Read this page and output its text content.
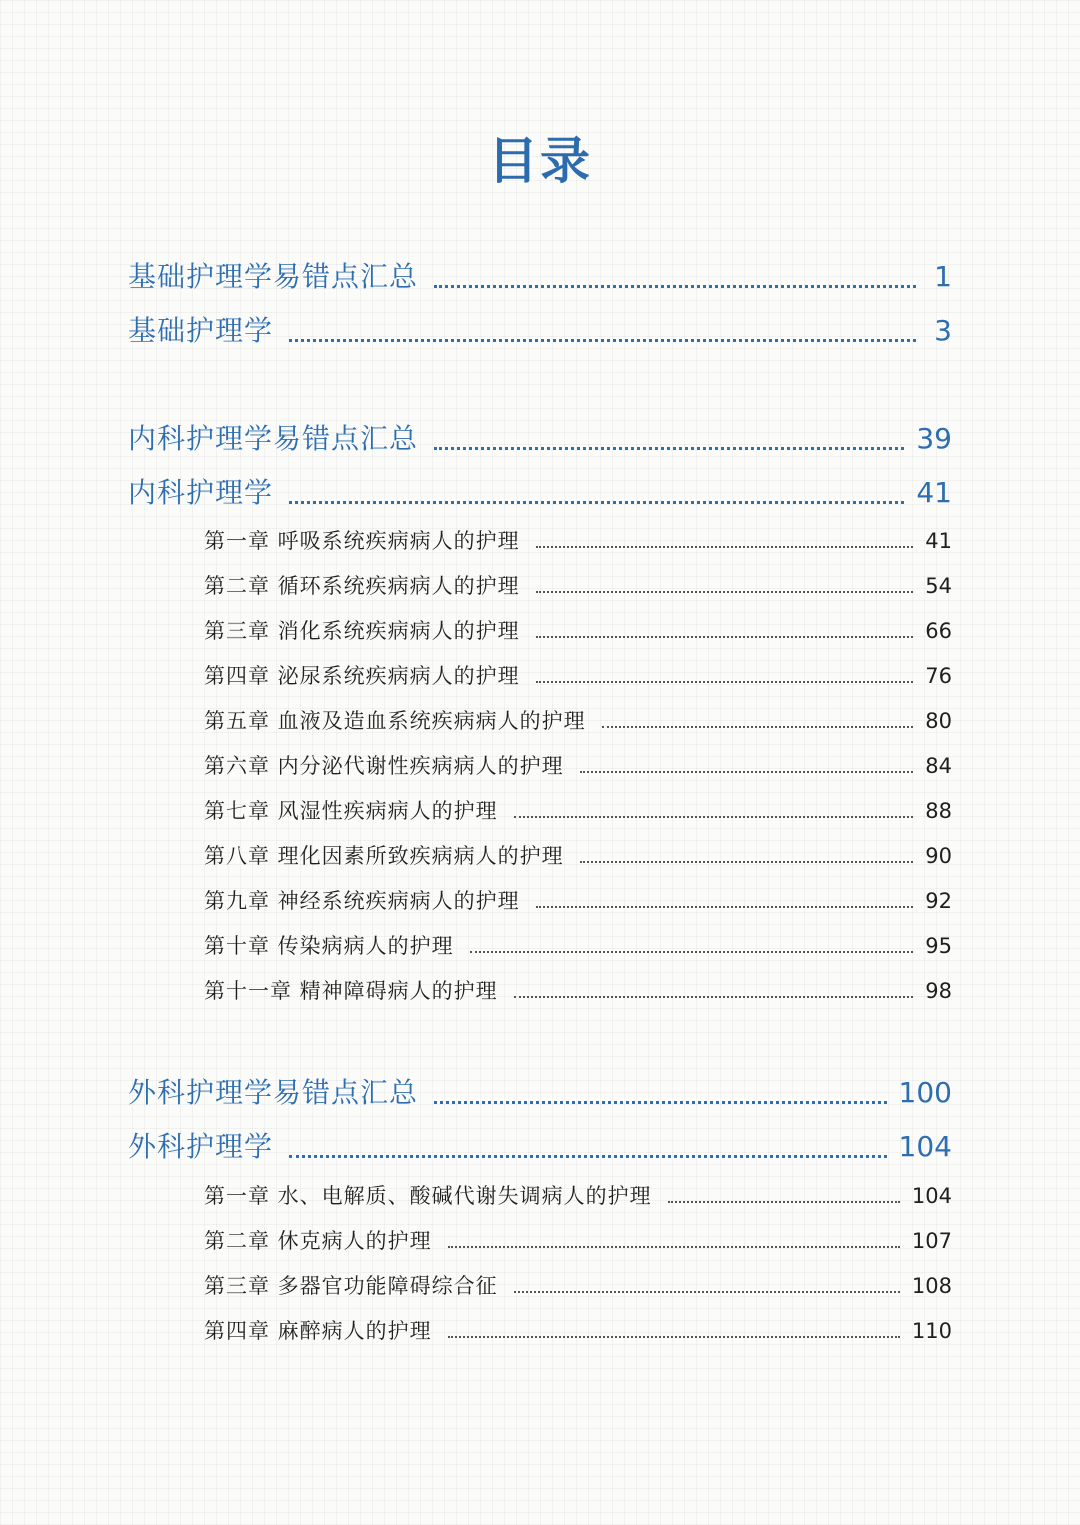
目录
基础护理学易错点汇总	1
基础护理学	3
内科护理学易错点汇总	39
内科护理学	41
第一章 呼吸系统疾病病人的护理	41
第二章 循环系统疾病病人的护理	54
第三章 消化系统疾病病人的护理	66
第四章 泌尿系统疾病病人的护理	76
第五章 血液及造血系统疾病病人的护理	80
第六章 内分泌代谢性疾病病人的护理	84
第七章 风湿性疾病病人的护理	88
第八章 理化因素所致疾病病人的护理	90
第九章 神经系统疾病病人的护理	92
第十章 传染病病人的护理	95
第十一章 精神障碍病人的护理	98
外科护理学易错点汇总	100
外科护理学	104
第一章 水、电解质、酸碱代谢失调病人的护理	104
第二章 休克病人的护理	107
第三章 多器官功能障碍综合征	108
第四章 麻醉病人的护理	110
